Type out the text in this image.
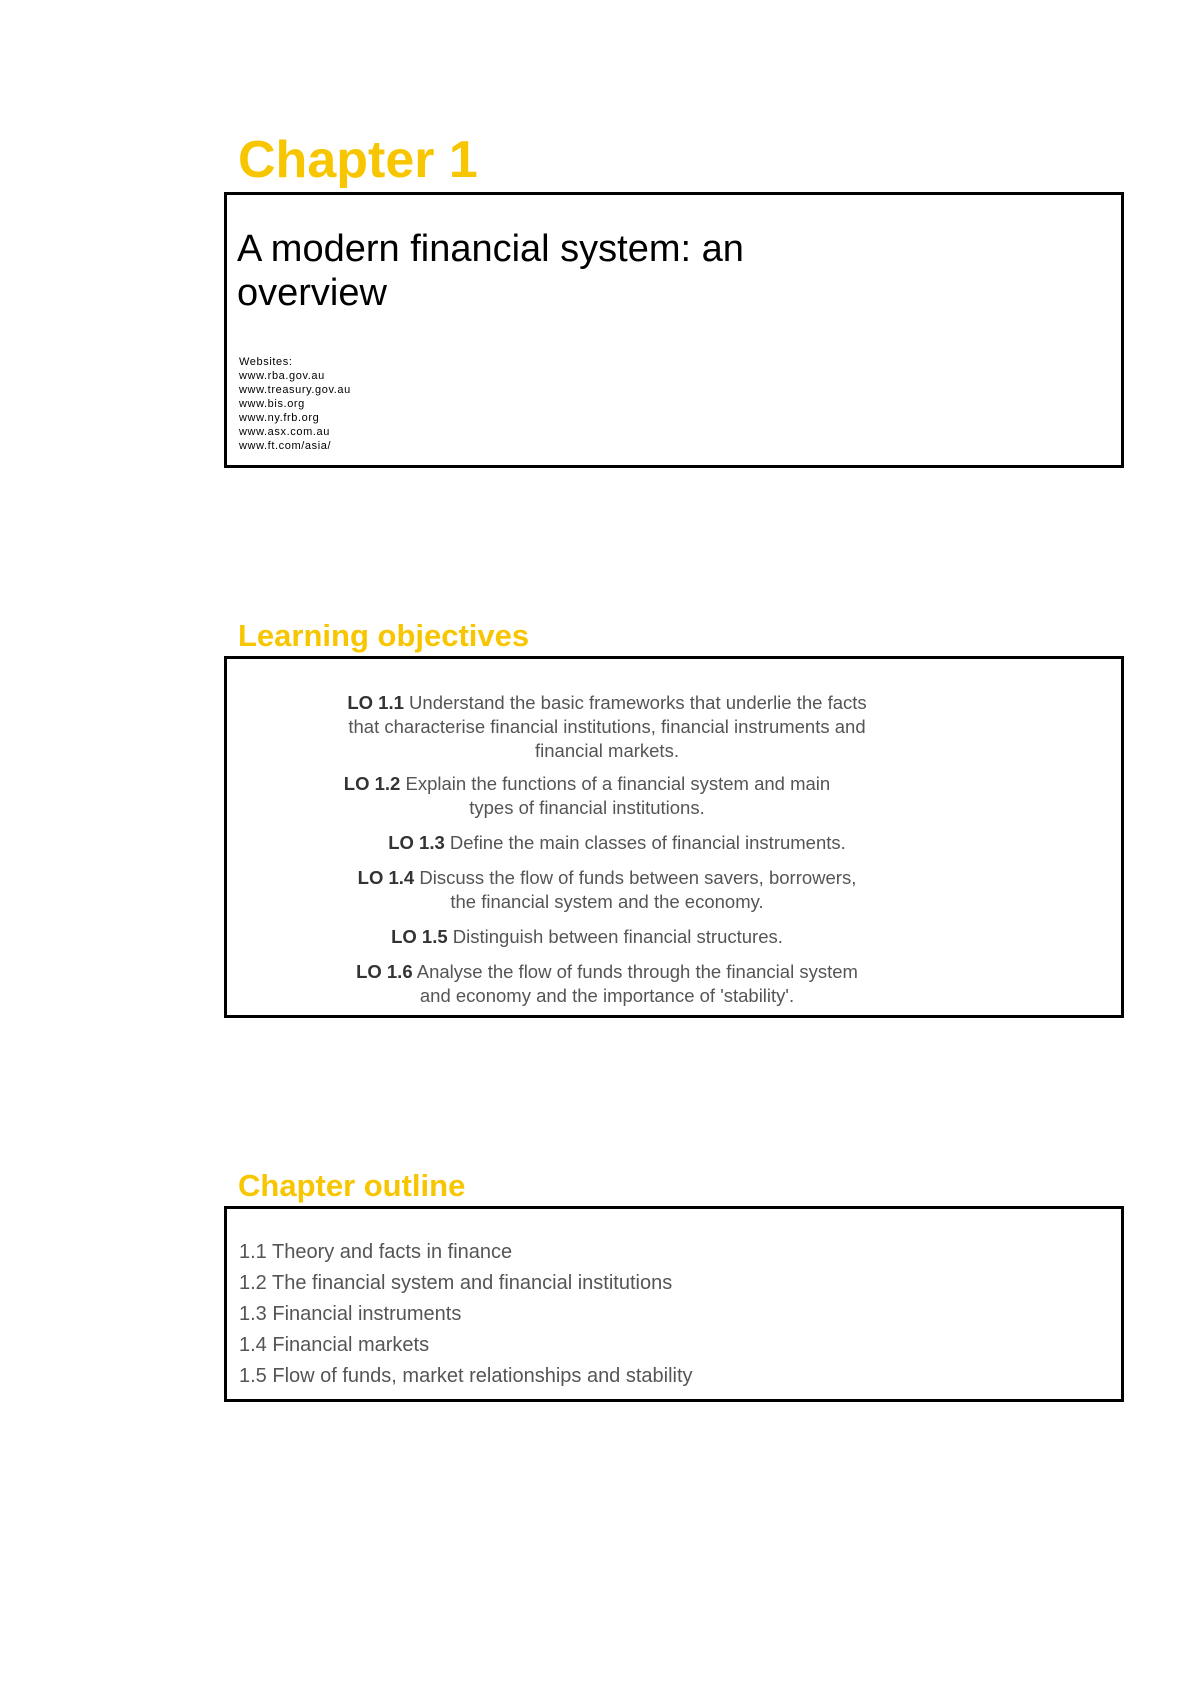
Chapter 1
A modern financial system: an overview
Websites:
www.rba.gov.au
www.treasury.gov.au
www.bis.org
www.ny.frb.org
www.asx.com.au
www.ft.com/asia/
Learning objectives
LO 1.1 Understand the basic frameworks that underlie the facts that characterise financial institutions, financial instruments and financial markets.
LO 1.2 Explain the functions of a financial system and main types of financial institutions.
LO 1.3 Define the main classes of financial instruments.
LO 1.4 Discuss the flow of funds between savers, borrowers, the financial system and the economy.
LO 1.5 Distinguish between financial structures.
LO 1.6 Analyse the flow of funds through the financial system and economy and the importance of 'stability'.
Chapter outline
1.1 Theory and facts in finance
1.2 The financial system and financial institutions
1.3 Financial instruments
1.4 Financial markets
1.5 Flow of funds, market relationships and stability
